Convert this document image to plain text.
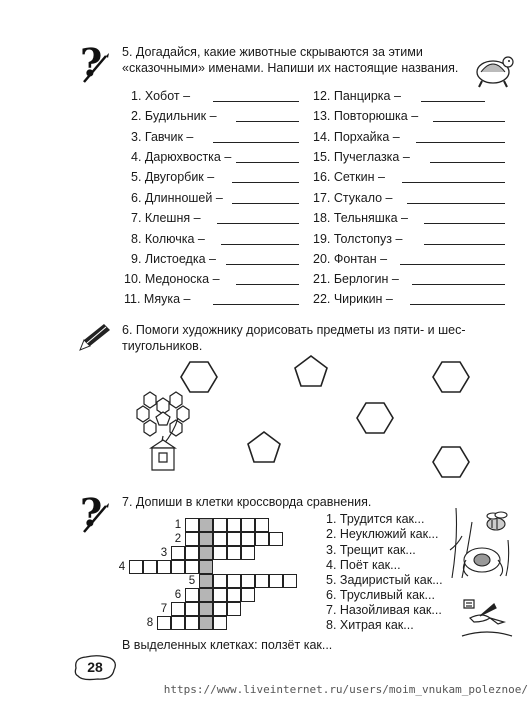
? 5. Догадайся, какие животные скрываются за этими
«сказочными» именами. Напиши их настоящие названия.
1. Хобот –
2. Будильник –
3. Гавчик –
4. Дарюхвостка –
5. Двугорбик –
6. Длинношей –
7. Клешня –
8. Колючка –
9. Листоедка –
10. Медоноска –
11. Мяука –
12. Панцирка –
13. Повторюшка –
14. Порхайка –
15. Пучеглазка –
16. Сеткин –
17. Стукало –
18. Тельняшка –
19. Толстопуз –
20. Фонтан –
21. Берлогин –
22. Чирикин –
6. Помоги художнику дорисовать предметы из пяти- и шес-
тиугольников.
? 7. Допиши в клетки кроссворда сравнения.
1
2
3
4
5
6
7
8
1. Трудится как...
2. Неуклюжий как...
3. Трещит как...
4. Поёт как...
5. Задиристый как...
6. Трусливый как...
7. Назойливая как...
8. Хитрая как...
В выделенных клетках: ползёт как...
28
https://www.liveinternet.ru/users/moim_vnukam_poleznoe/
